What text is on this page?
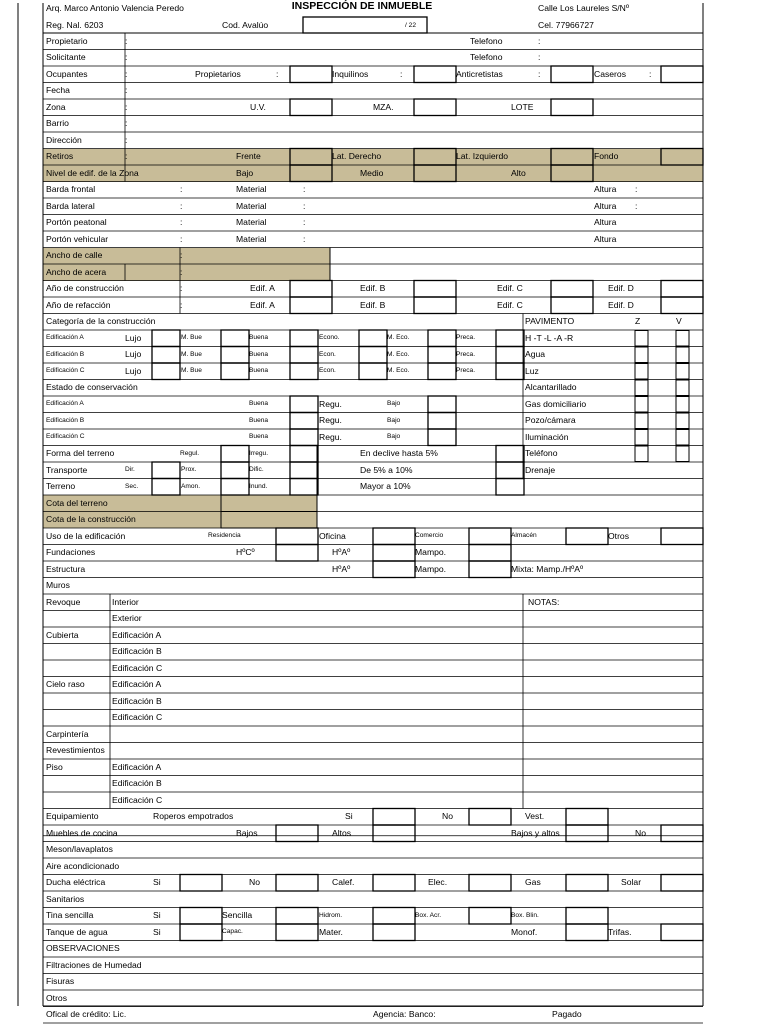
Arq. Marco Antonio Valencia Peredo	INSPECCIÓN DE INMUEBLE	Calle Los Laureles S/Nº
Reg. Nal. 6203	Cod. Avalúo	/ 22	Cel. 77966727
Propietario	:	Telefono	:
Solicitante	:	Telefono	:
Ocupantes	:	Propietarios	:	Inquilinos	:	Anticretistas	:	Caseros	:
Fecha	:
Zona	:	U.V.	MZA.	LOTE
Barrio	:
Dirección	:
Retiros	:	Frente	Lat. Derecho	Lat. Izquierdo	Fondo
Nivel de edif. de la Zona	Bajo	Medio	Alto
Barda frontal	:	Material	:	Altura :
Barda lateral	:	Material	:	Altura :
Portón peatonal	:	Material	:	Altura
Portón vehicular	:	Material	:	Altura
Ancho de calle	:
Ancho de acera	:
Año de construcción	:	Edif. A	Edif. B	Edif. C	Edif. D
Año de refacción	:	Edif. A	Edif. B	Edif. C	Edif. D
Categoría de la construcción	PAVIMENTO	Z	V
Edificación A	Lujo	M. Bue	Buena	Econo.	M. Eco.	Preca.	H -T -L -A -R
Edificación B	Lujo	M. Bue	Buena	Econ.	M. Eco.	Preca.	Agua
Edificación C	Lujo	M. Bue	Buena	Econ.	M. Eco.	Preca.	Luz
Estado de conservación	Alcantarillado
Edificación A	Buena	Regu.	Bajo	Gas domiciliario
Edificación B	Buena	Regu.	Bajo	Pozo/cámara
Edificación C	Buena	Regu.	Bajo	Iluminación
Forma del terreno	Regul.	Irregu.	En declive hasta 5%	Teléfono
Transporte	Dir.	Prox.	Dific.	De 5% a 10%	Drenaje
Terreno	Sec.	Amon.	Inund.	Mayor a 10%
Cota del terreno
Cota de la construcción
Uso de la edificación	Residencia	Oficina	Comercio	Almacén	Otros
Fundaciones	HºCº	HºAº	Mampo.
Estructura	HºAº	Mampo.	Mixta: Mamp./HºAº
Muros
Revoque	Interior	NOTAS:
Exterior
Cubierta	Edificación A
Edificación B
Edificación C
Cielo raso	Edificación A
Edificación B
Edificación C
Carpintería
Revestimientos
Piso	Edificación A
Edificación B
Edificación C
Equipamiento	Roperos empotrados	Si	No	Vest.
Muebles de cocina	Bajos	Altos	Bajos y altos	No
Meson/lavaplatos
Aire acondicionado
Ducha eléctrica	Si	No	Calef.	Elec.	Gas	Solar
Sanitarios
Tina sencilla	Si	Sencilla	Hidrom.	Box. Acr.	Box. Blin.
Tanque de agua	Si	Capac.	Mater.	Monof.	Trifas.
OBSERVACIONES
Filtraciones de Humedad
Fisuras
Otros
Ofical de crédito: Lic.	Agencia: Banco:	Pagado
